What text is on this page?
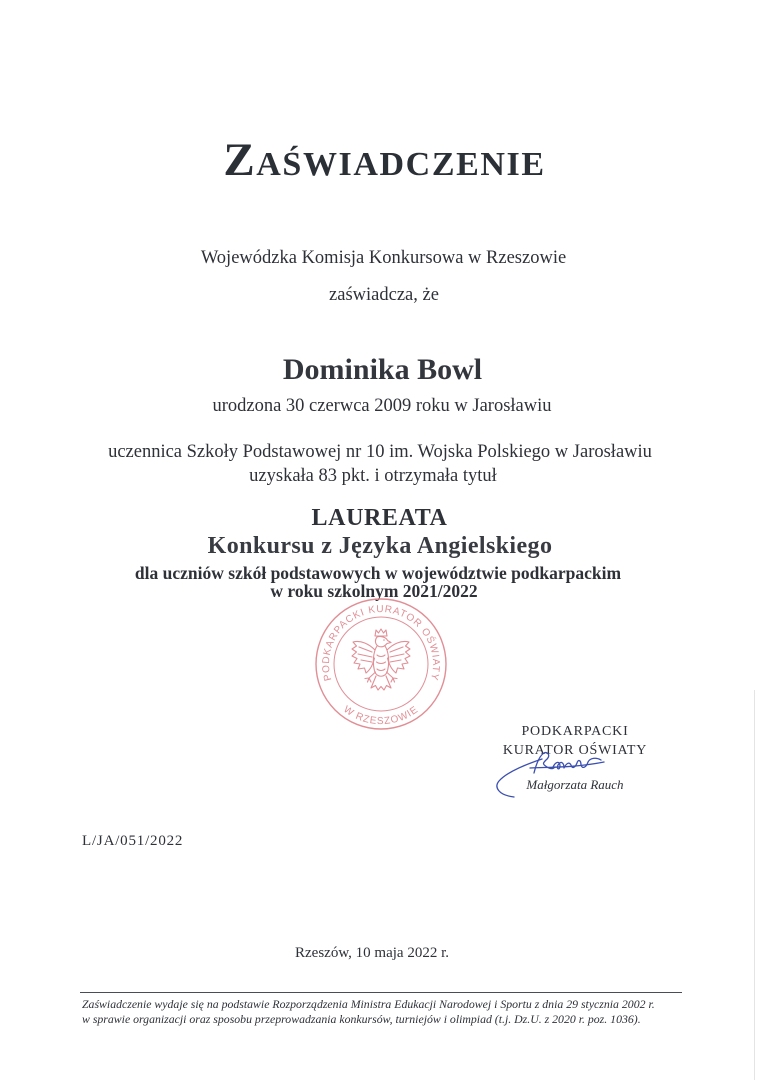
ZAŚWIADCZENIE
Wojewódzka Komisja Konkursowa w Rzeszowie
zaświadcza, że
Dominika Bowl
urodzona 30 czerwca 2009 roku w Jarosławiu
uczennica Szkoły Podstawowej nr 10 im. Wojska Polskiego w Jarosławiu
uzyskała 83 pkt. i otrzymała tytuł
LAUREATA
Konkursu z Języka Angielskiego
dla uczniów szkół podstawowych w województwie podkarpackim
w roku szkolnym 2021/2022
PODKARPACKI KURATOR OŚWIATY
W RZESZOWIE
PODKARPACKI
KURATOR OŚWIATY
Małgorzata Rauch
L/JA/051/2022
Rzeszów, 10 maja 2022 r.
Zaświadczenie wydaje się na podstawie Rozporządzenia Ministra Edukacji Narodowej i Sportu z dnia 29 stycznia 2002 r.
w sprawie organizacji oraz sposobu przeprowadzania konkursów, turniejów i olimpiad (t.j. Dz.U. z 2020 r. poz. 1036).
